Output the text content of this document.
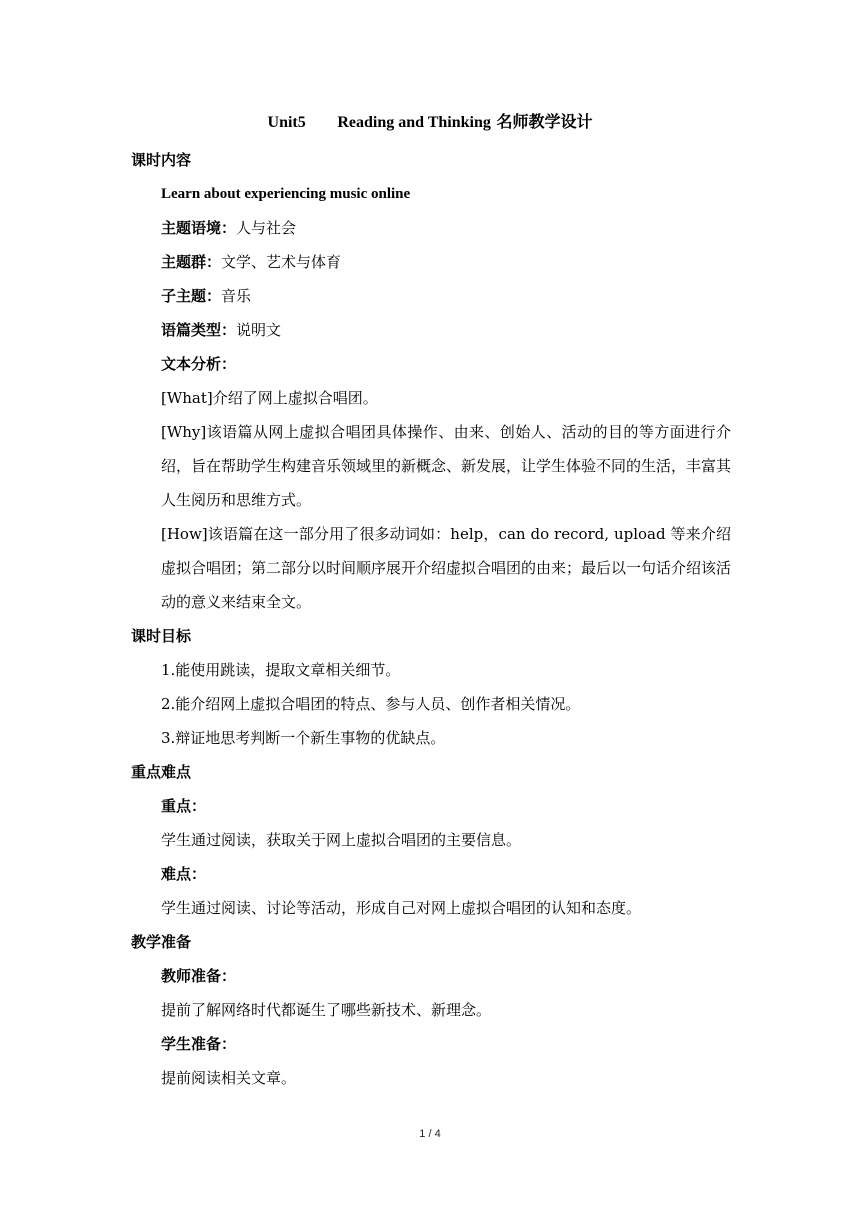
Unit5 Reading and Thinking 名师教学设计
课时内容
Learn about experiencing music online
主题语境：人与社会
主题群：文学、艺术与体育
子主题：音乐
语篇类型：说明文
文本分析：
[What]介绍了网上虚拟合唱团。
[Why]该语篇从网上虚拟合唱团具体操作、由来、创始人、活动的目的等方面进行介绍，旨在帮助学生构建音乐领域里的新概念、新发展，让学生体验不同的生活，丰富其人生阅历和思维方式。
[How]该语篇在这一部分用了很多动词如：help，can do record, upload 等来介绍虚拟合唱团；第二部分以时间顺序展开介绍虚拟合唱团的由来；最后以一句话介绍该活动的意义来结束全文。
课时目标
1.能使用跳读，提取文章相关细节。
2.能介绍网上虚拟合唱团的特点、参与人员、创作者相关情况。
3.辩证地思考判断一个新生事物的优缺点。
重点难点
重点：
学生通过阅读，获取关于网上虚拟合唱团的主要信息。
难点：
学生通过阅读、讨论等活动，形成自己对网上虚拟合唱团的认知和态度。
教学准备
教师准备：
提前了解网络时代都诞生了哪些新技术、新理念。
学生准备：
提前阅读相关文章。
1 / 4
